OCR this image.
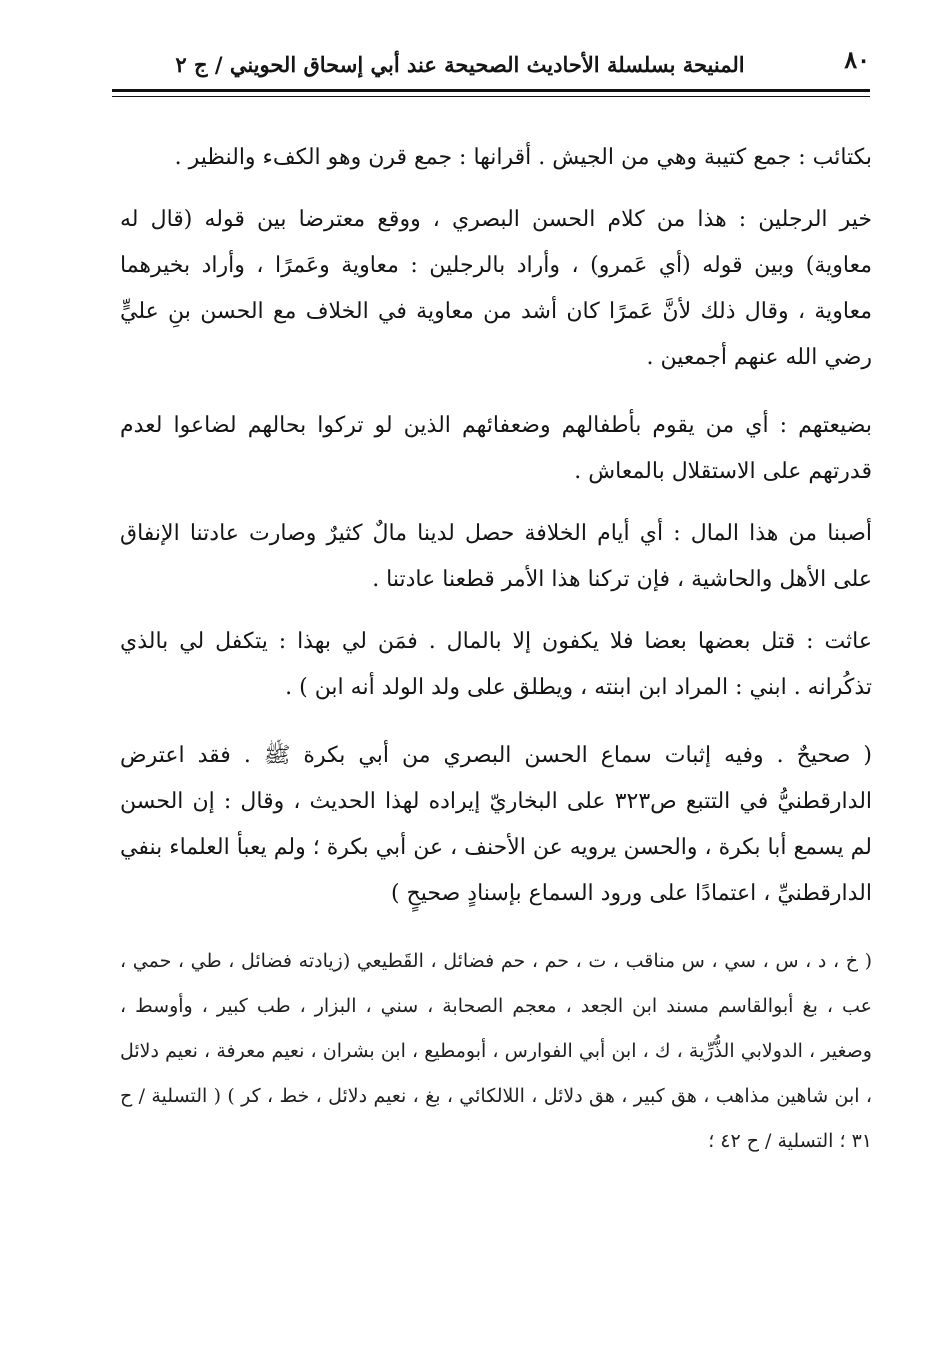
٨٠
المنيحة بسلسلة الأحاديث الصحيحة عند أبي إسحاق الحويني / ج ٢

بكتائب : جمع كتيبة وهي من الجيش . أقرانها : جمع قرن وهو الكفء والنظير .

خير الرجلين : هذا من كلام الحسن البصري ، ووقع معترضا بين قوله (قال له معاوية) وبين قوله (أي عَمرو) ، وأراد بالرجلين : معاوية وعَمرًا ، وأراد بخيرهما معاوية ، وقال ذلك لأنَّ عَمرًا كان أشد من معاوية في الخلاف مع الحسن بنِ عليٍّ رضي الله عنهم أجمعين .

بضيعتهم : أي من يقوم بأطفالهم وضعفائهم الذين لو تركوا بحالهم لضاعوا لعدم قدرتهم على الاستقلال بالمعاش .

أصبنا من هذا المال : أي أيام الخلافة حصل لدينا مالٌ كثيرٌ وصارت عادتنا الإنفاق على الأهل والحاشية ، فإن تركنا هذا الأمر قطعنا عادتنا .

عاثت : قتل بعضها بعضا فلا يكفون إلا بالمال . فمَن لي بهذا : يتكفل لي بالذي تذكُرانه . ابني : المراد ابن ابنته ، ويطلق على ولد الولد أنه ابن ) .

( صحيحٌ . وفيه إثبات سماع الحسن البصري من أبي بكرة ﷺ . فقد اعترض الدارقطنيُّ في التتبع ص٣٢٣ على البخاريّ إيراده لهذا الحديث ، وقال : إن الحسن لم يسمع أبا بكرة ، والحسن يرويه عن الأحنف ، عن أبي بكرة ؛ ولم يعبأ العلماء بنفي الدارقطنيِّ ، اعتمادًا على ورود السماع بإسنادٍ صحيحٍ )

( خ ، د ، س ، سي ، س مناقب ، ت ، حم ، حم فضائل ، القَطيعي (زيادته فضائل ، طي ، حمي ، عب ، بغ أبوالقاسم مسند ابن الجعد ، معجم الصحابة ، سني ، البزار ، طب كبير ، وأوسط ، وصغير ، الدولابي الذُّرِّية ، ك ، ابن أبي الفوارس ، أبومطيع ، ابن بشران ، نعيم معرفة ، نعيم دلائل ، ابن شاهين مذاهب ، هق كبير ، هق دلائل ، اللالكائي ، بغ ، نعيم دلائل ، خط ، كر ) ( التسلية / ح ٣١ ؛ التسلية / ح ٤٢ ؛
